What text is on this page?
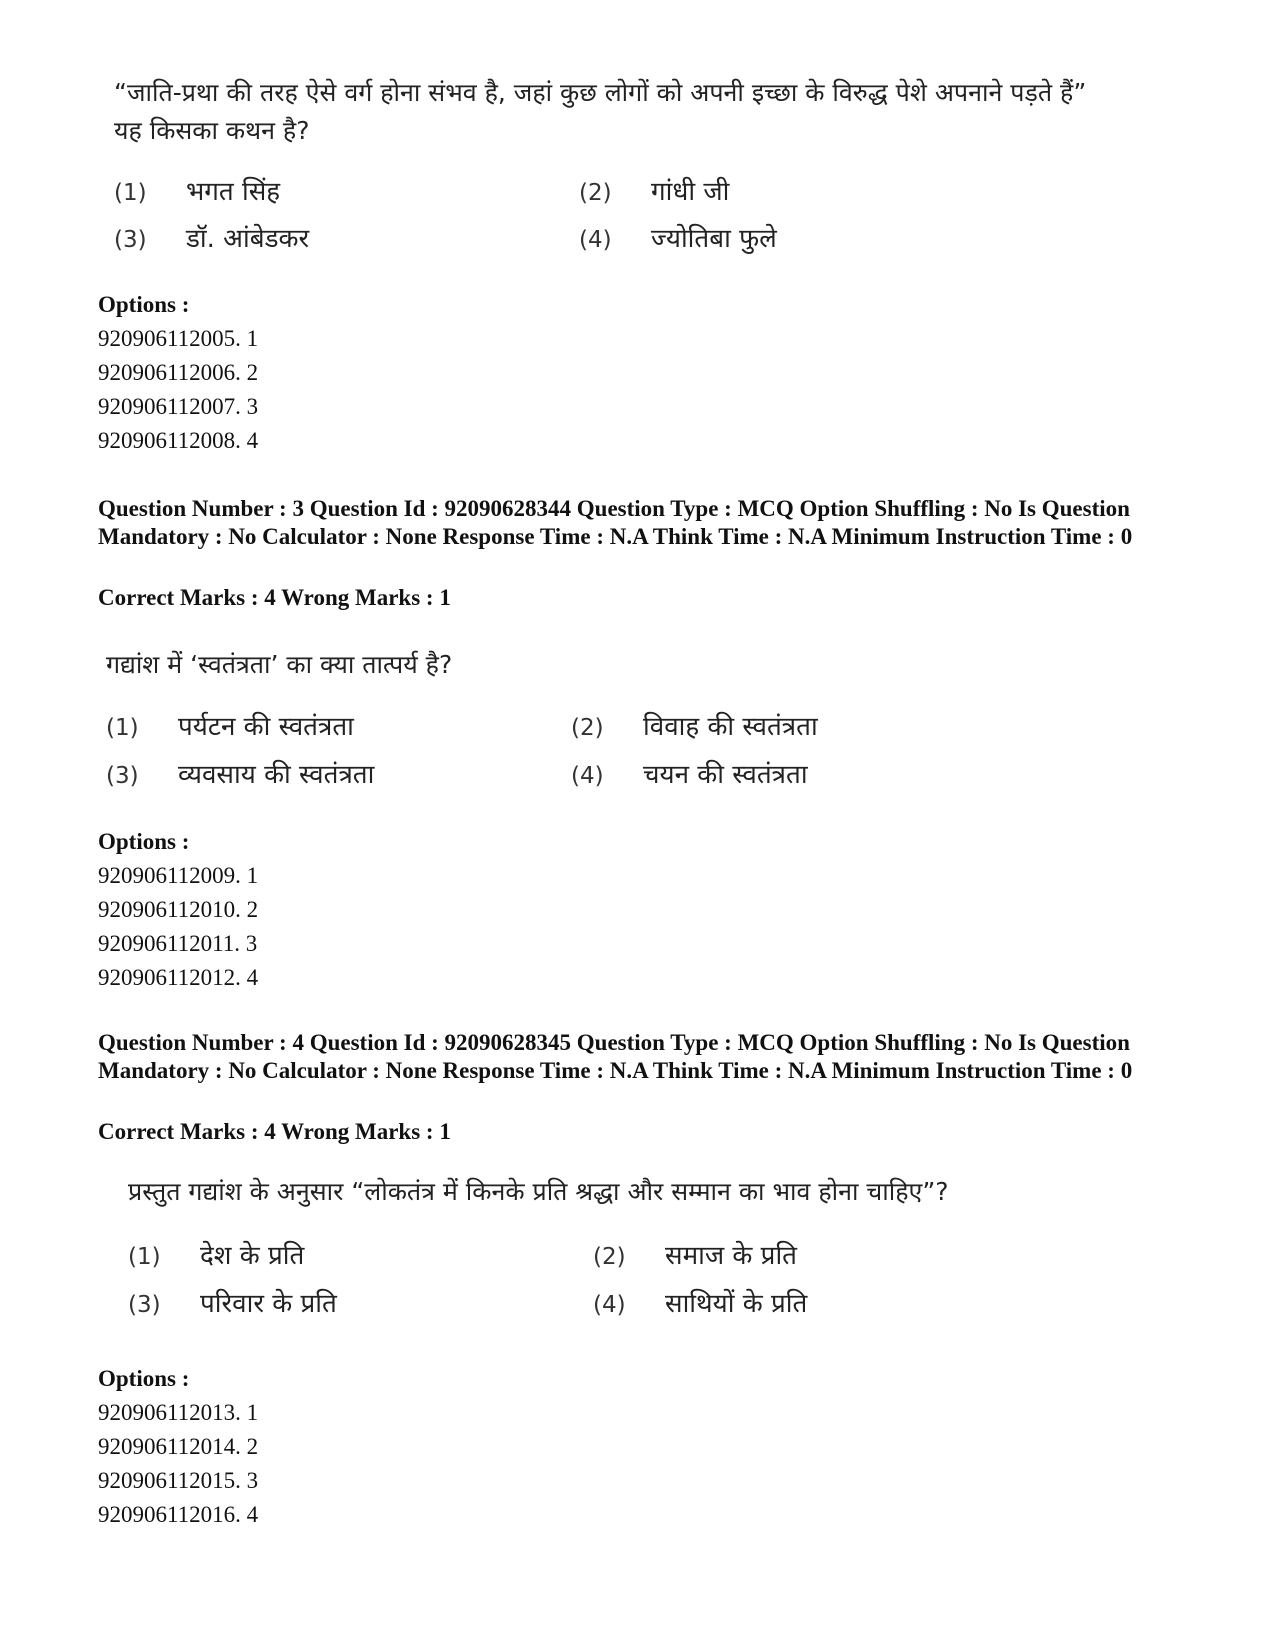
“जाति-प्रथा की तरह ऐसे वर्ग होना संभव है, जहां कुछ लोगों को अपनी इच्छा के विरुद्ध पेशे अपनाने पड़ते हैं” यह किसका कथन है?
(1)	भगत सिंह	(2)	गांधी जी
(3)	डॉ. आंबेडकर	(4)	ज्योतिबा फुले
Options :
920906112005. 1
920906112006. 2
920906112007. 3
920906112008. 4
Question Number : 3 Question Id : 92090628344 Question Type : MCQ Option Shuffling : No Is Question Mandatory : No Calculator : None Response Time : N.A Think Time : N.A Minimum Instruction Time : 0
Correct Marks : 4 Wrong Marks : 1
गद्यांश में ‘स्वतंत्रता’ का क्या तात्पर्य है?
(1)	पर्यटन की स्वतंत्रता	(2)	विवाह की स्वतंत्रता
(3)	व्यवसाय की स्वतंत्रता	(4)	चयन की स्वतंत्रता
Options :
920906112009. 1
920906112010. 2
920906112011. 3
920906112012. 4
Question Number : 4 Question Id : 92090628345 Question Type : MCQ Option Shuffling : No Is Question Mandatory : No Calculator : None Response Time : N.A Think Time : N.A Minimum Instruction Time : 0
Correct Marks : 4 Wrong Marks : 1
प्रस्तुत गद्यांश के अनुसार “लोकतंत्र में किनके प्रति श्रद्धा और सम्मान का भाव होना चाहिए”?
(1)	देश के प्रति	(2)	समाज के प्रति
(3)	परिवार के प्रति	(4)	साथियों के प्रति
Options :
920906112013. 1
920906112014. 2
920906112015. 3
920906112016. 4
